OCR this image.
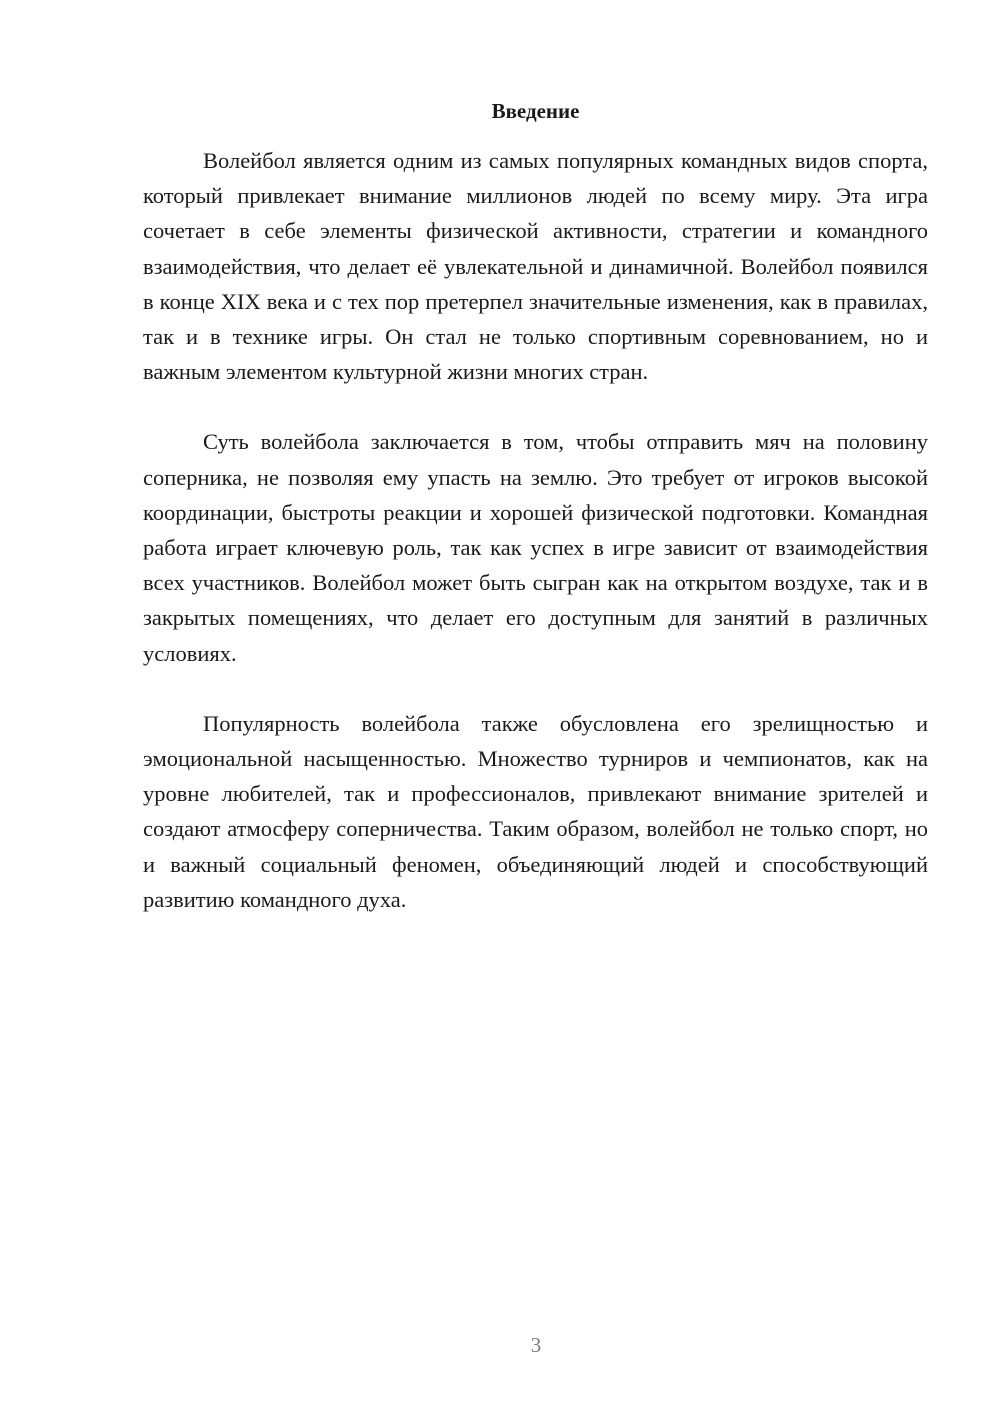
Введение

Волейбол является одним из самых популярных командных видов спорта, который привлекает внимание миллионов людей по всему миру. Эта игра сочетает в себе элементы физической активности, стратегии и командного взаимодействия, что делает её увлекательной и динамичной. Волейбол появился в конце XIX века и с тех пор претерпел значительные изменения, как в правилах, так и в технике игры. Он стал не только спортивным соревнованием, но и важным элементом культурной жизни многих стран.

Суть волейбола заключается в том, чтобы отправить мяч на половину соперника, не позволяя ему упасть на землю. Это требует от игроков высокой координации, быстроты реакции и хорошей физической подготовки. Командная работа играет ключевую роль, так как успех в игре зависит от взаимодействия всех участников. Волейбол может быть сыгран как на открытом воздухе, так и в закрытых помещениях, что делает его доступным для занятий в различных условиях.

Популярность волейбола также обусловлена его зрелищностью и эмоциональной насыщенностью. Множество турниров и чемпионатов, как на уровне любителей, так и профессионалов, привлекают внимание зрителей и создают атмосферу соперничества. Таким образом, волейбол не только спорт, но и важный социальный феномен, объединяющий людей и способствующий развитию командного духа.

3
